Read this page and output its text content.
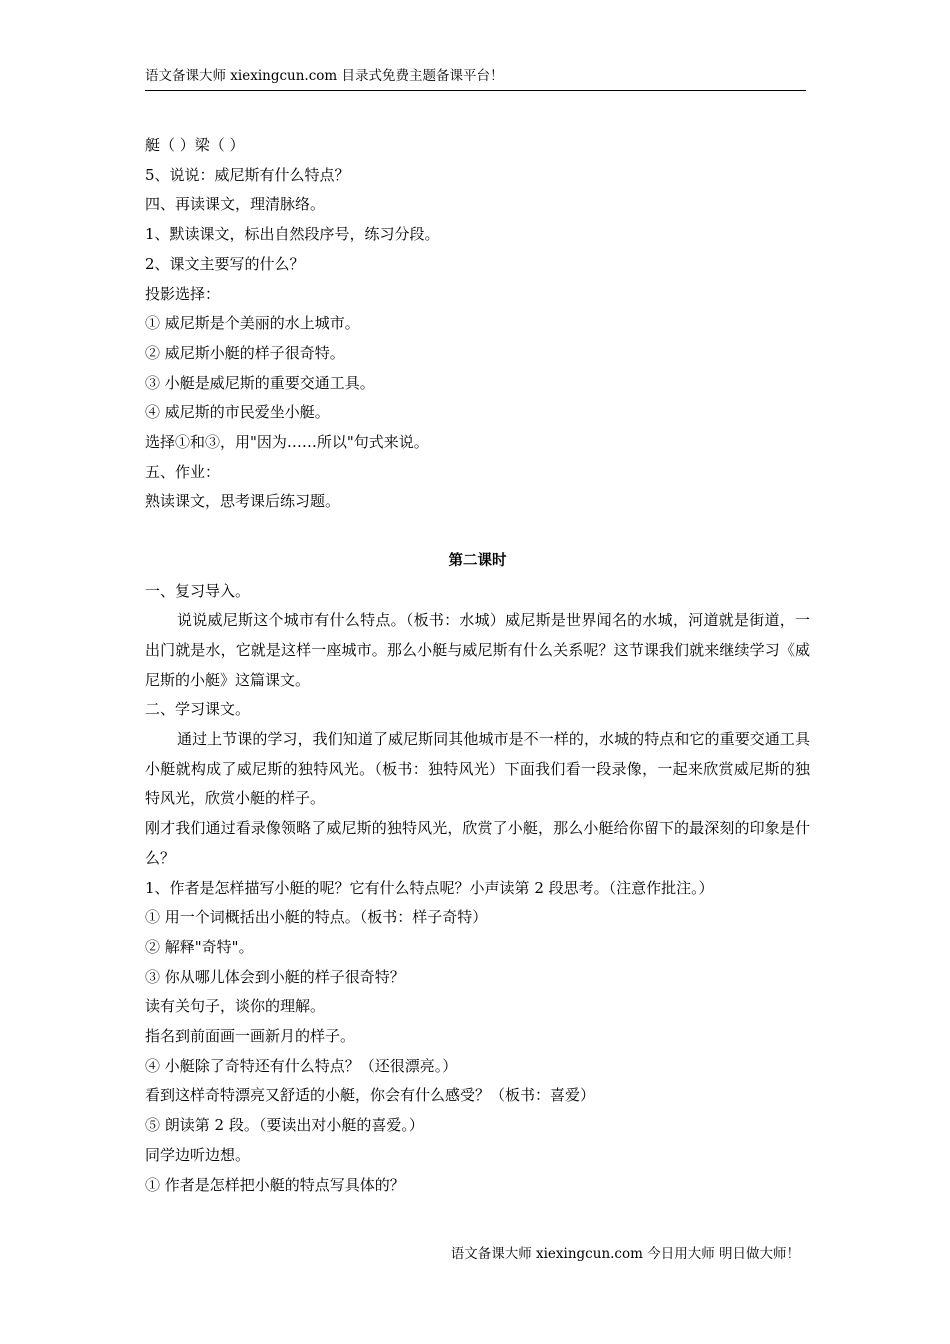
语文备课大师 xiexingcun.com 目录式免费主题备课平台！

艇（ ）梁（ ）

5、说说：威尼斯有什么特点？

四、再读课文，理清脉络。

1、默读课文，标出自然段序号，练习分段。

2、课文主要写的什么？

投影选择：

① 威尼斯是个美丽的水上城市。

② 威尼斯小艇的样子很奇特。

③ 小艇是威尼斯的重要交通工具。

④ 威尼斯的市民爱坐小艇。

选择①和③，用"因为……所以"句式来说。

五、作业：

熟读课文，思考课后练习题。

第二课时

一、复习导入。

说说威尼斯这个城市有什么特点。（板书：水城）威尼斯是世界闻名的水城，河道就是街道，一出门就是水，它就是这样一座城市。那么小艇与威尼斯有什么关系呢？这节课我们就来继续学习《威尼斯的小艇》这篇课文。

二、学习课文。

通过上节课的学习，我们知道了威尼斯同其他城市是不一样的，水城的特点和它的重要交通工具小艇就构成了威尼斯的独特风光。（板书：独特风光）下面我们看一段录像，一起来欣赏威尼斯的独特风光，欣赏小艇的样子。

刚才我们通过看录像领略了威尼斯的独特风光，欣赏了小艇，那么小艇给你留下的最深刻的印象是什么？

1、作者是怎样描写小艇的呢？它有什么特点呢？小声读第 2 段思考。（注意作批注。）

① 用一个词概括出小艇的特点。（板书：样子奇特）

② 解释"奇特"。

③ 你从哪儿体会到小艇的样子很奇特？

读有关句子，谈你的理解。

指名到前面画一画新月的样子。

④ 小艇除了奇特还有什么特点？（还很漂亮。）

看到这样奇特漂亮又舒适的小艇，你会有什么感受？（板书：喜爱）

⑤ 朗读第 2 段。（要读出对小艇的喜爱。）

同学边听边想。

① 作者是怎样把小艇的特点写具体的？

语文备课大师 xiexingcun.com 今日用大师 明日做大师！
